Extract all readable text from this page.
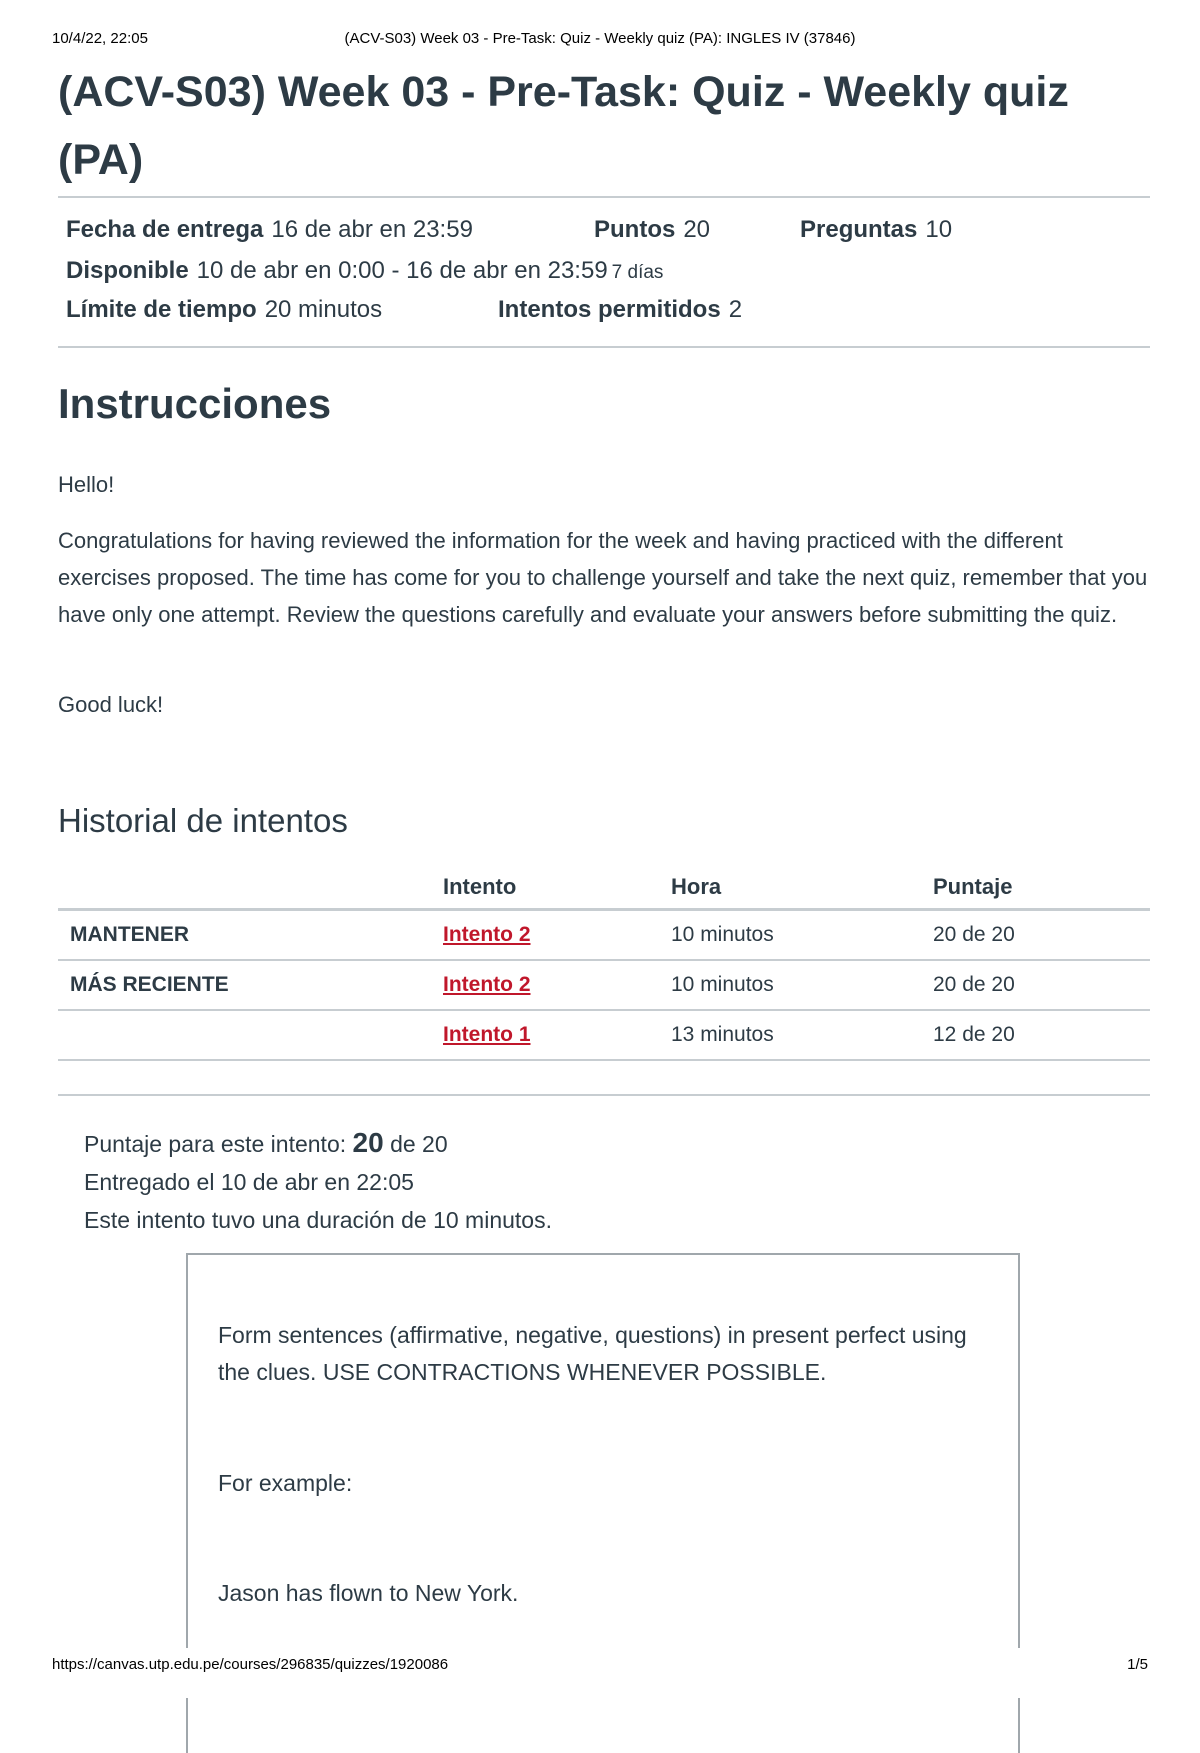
10/4/22, 22:05	(ACV-S03) Week 03 - Pre-Task: Quiz - Weekly quiz (PA): INGLES IV (37846)
(ACV-S03) Week 03 - Pre-Task: Quiz - Weekly quiz (PA)
Fecha de entrega 16 de abr en 23:59	Puntos 20	Preguntas 10
Disponible 10 de abr en 0:00 - 16 de abr en 23:59 7 días
Límite de tiempo 20 minutos	Intentos permitidos 2
Instrucciones

Hello!

Congratulations for having reviewed the information for the week and having practiced with the different exercises proposed. The time has come for you to challenge yourself and take the next quiz, remember that you have only one attempt. Review the questions carefully and evaluate your answers before submitting the quiz.

Good luck!

Historial de intentos
	Intento	Hora	Puntaje
MANTENER	Intento 2	10 minutos	20 de 20
MÁS RECIENTE	Intento 2	10 minutos	20 de 20
	Intento 1	13 minutos	12 de 20
Puntaje para este intento: 20 de 20
Entregado el 10 de abr en 22:05
Este intento tuvo una duración de 10 minutos.

Form sentences (affirmative, negative, questions) in present perfect using the clues. USE CONTRACTIONS WHENEVER POSSIBLE.

For example:

Jason has flown to New York.

https://canvas.utp.edu.pe/courses/296835/quizzes/1920086	1/5
